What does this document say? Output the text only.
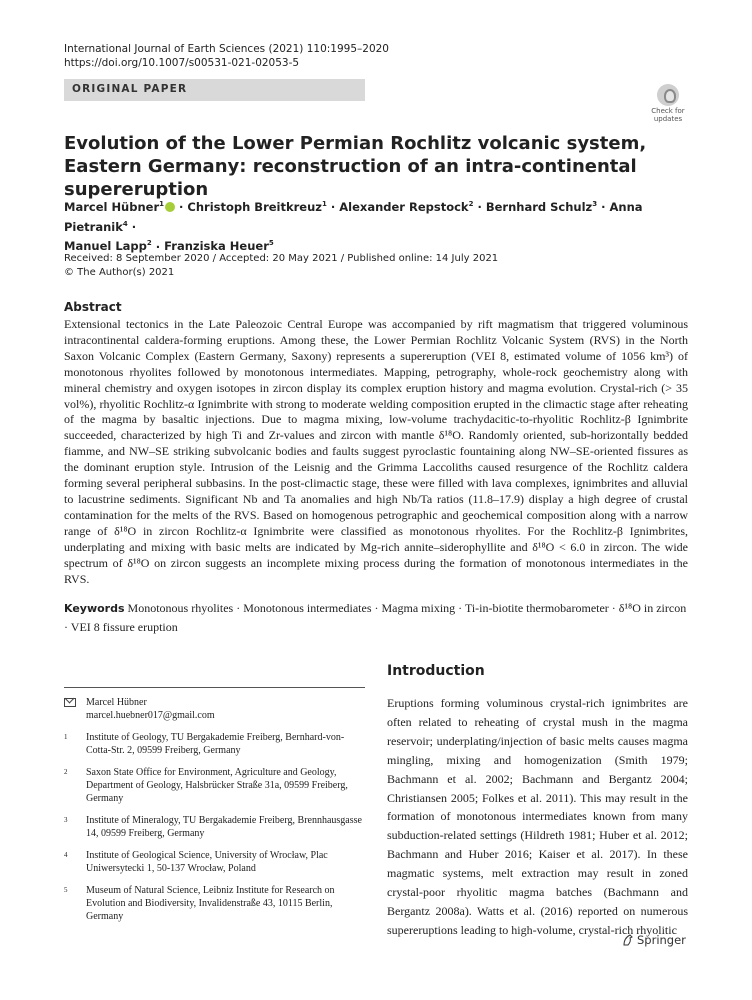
International Journal of Earth Sciences (2021) 110:1995–2020
https://doi.org/10.1007/s00531-021-02053-5
ORIGINAL PAPER
Check for
updates
Evolution of the Lower Permian Rochlitz volcanic system, Eastern Germany: reconstruction of an intra-continental supereruption
Marcel Hübner$^1$ · Christoph Breitkreuz$^1$ · Alexander Repstock$^2$ · Bernhard Schulz$^3$ · Anna Pietranik$^4$ ·
Manuel Lapp$^2$ · Franziska Heuer$^5$
Received: 8 September 2020 / Accepted: 20 May 2021 / Published online: 14 July 2021
© The Author(s) 2021
Abstract

Extensional tectonics in the Late Paleozoic Central Europe was accompanied by rift magmatism that triggered voluminous intracontinental caldera-forming eruptions. Among these, the Lower Permian Rochlitz Volcanic System (RVS) in the North Saxon Volcanic Complex (Eastern Germany, Saxony) represents a supereruption (VEI 8, estimated volume of 1056 km³) of monotonous rhyolites followed by monotonous intermediates. Mapping, petrography, whole-rock geochemistry along with mineral chemistry and oxygen isotopes in zircon display its complex eruption history and magma evolution. Crystal-rich (> 35 vol%), rhyolitic Rochlitz-α Ignimbrite with strong to moderate welding composition erupted in the climactic stage after reheating of the magma by basaltic injections. Due to magma mixing, low-volume trachydacitic-to-rhyolitic Rochlitz-β Ignimbrite succeeded, characterized by high Ti and Zr-values and zircon with mantle δ¹⁸O. Randomly oriented, sub-horizontally bedded fiamme, and NW–SE striking subvolcanic bodies and faults suggest pyroclastic fountaining along NW–SE-oriented fissures as the dominant eruption style. Intrusion of the Leisnig and the Grimma Laccoliths caused resurgence of the Rochlitz caldera forming several peripheral subbasins. In the post-climactic stage, these were filled with lava complexes, ignimbrites and alluvial to lacustrine sediments. Significant Nb and Ta anomalies and high Nb/Ta ratios (11.8–17.9) display a high degree of crustal contamination for the melts of the RVS. Based on homogenous petrographic and geochemical composition along with a narrow range of δ¹⁸O in zircon Rochlitz-α Ignimbrite were classified as monotonous rhyolites. For the Rochlitz-β Ignimbrites, underplating and mixing with basic melts are indicated by Mg-rich annite–siderophyllite and δ¹⁸O < 6.0 in zircon. The wide spectrum of δ¹⁸O on zircon suggests an incomplete mixing process during the formation of monotonous intermediates in the RVS.

Keywords Monotonous rhyolites · Monotonous intermediates · Magma mixing · Ti-in-biotite thermobarometer · δ¹⁸O in zircon · VEI 8 fissure eruption
Marcel Hübner
marcel.huebner017@gmail.com
1 Institute of Geology, TU Bergakademie Freiberg, Bernhard-von-Cotta-Str. 2, 09599 Freiberg, Germany
2 Saxon State Office for Environment, Agriculture and Geology, Department of Geology, Halsbrücker Straße 31a, 09599 Freiberg, Germany
3 Institute of Mineralogy, TU Bergakademie Freiberg, Brennhausgasse 14, 09599 Freiberg, Germany
4 Institute of Geological Science, University of Wrocław, Plac Uniwersytecki 1, 50-137 Wrocław, Poland
5 Museum of Natural Science, Leibniz Institute for Research on Evolution and Biodiversity, Invalidenstraße 43, 10115 Berlin, Germany
Introduction

Eruptions forming voluminous crystal-rich ignimbrites are often related to reheating of crystal mush in the magma reservoir; underplating/injection of basic melts causes magma mingling, mixing and homogenization (Smith 1979; Bachmann et al. 2002; Bachmann and Bergantz 2004; Christiansen 2005; Folkes et al. 2011). This may result in the formation of monotonous intermediates known from many subduction-related settings (Hildreth 1981; Huber et al. 2012; Bachmann and Huber 2016; Kaiser et al. 2017). In these magmatic systems, melt extraction may result in zoned crystal-poor rhyolitic magma batches (Bachmann and Bergantz 2008a). Watts et al. (2016) reported on numerous supereruptions leading to high-volume, crystal-rich rhyolitic

Springer
